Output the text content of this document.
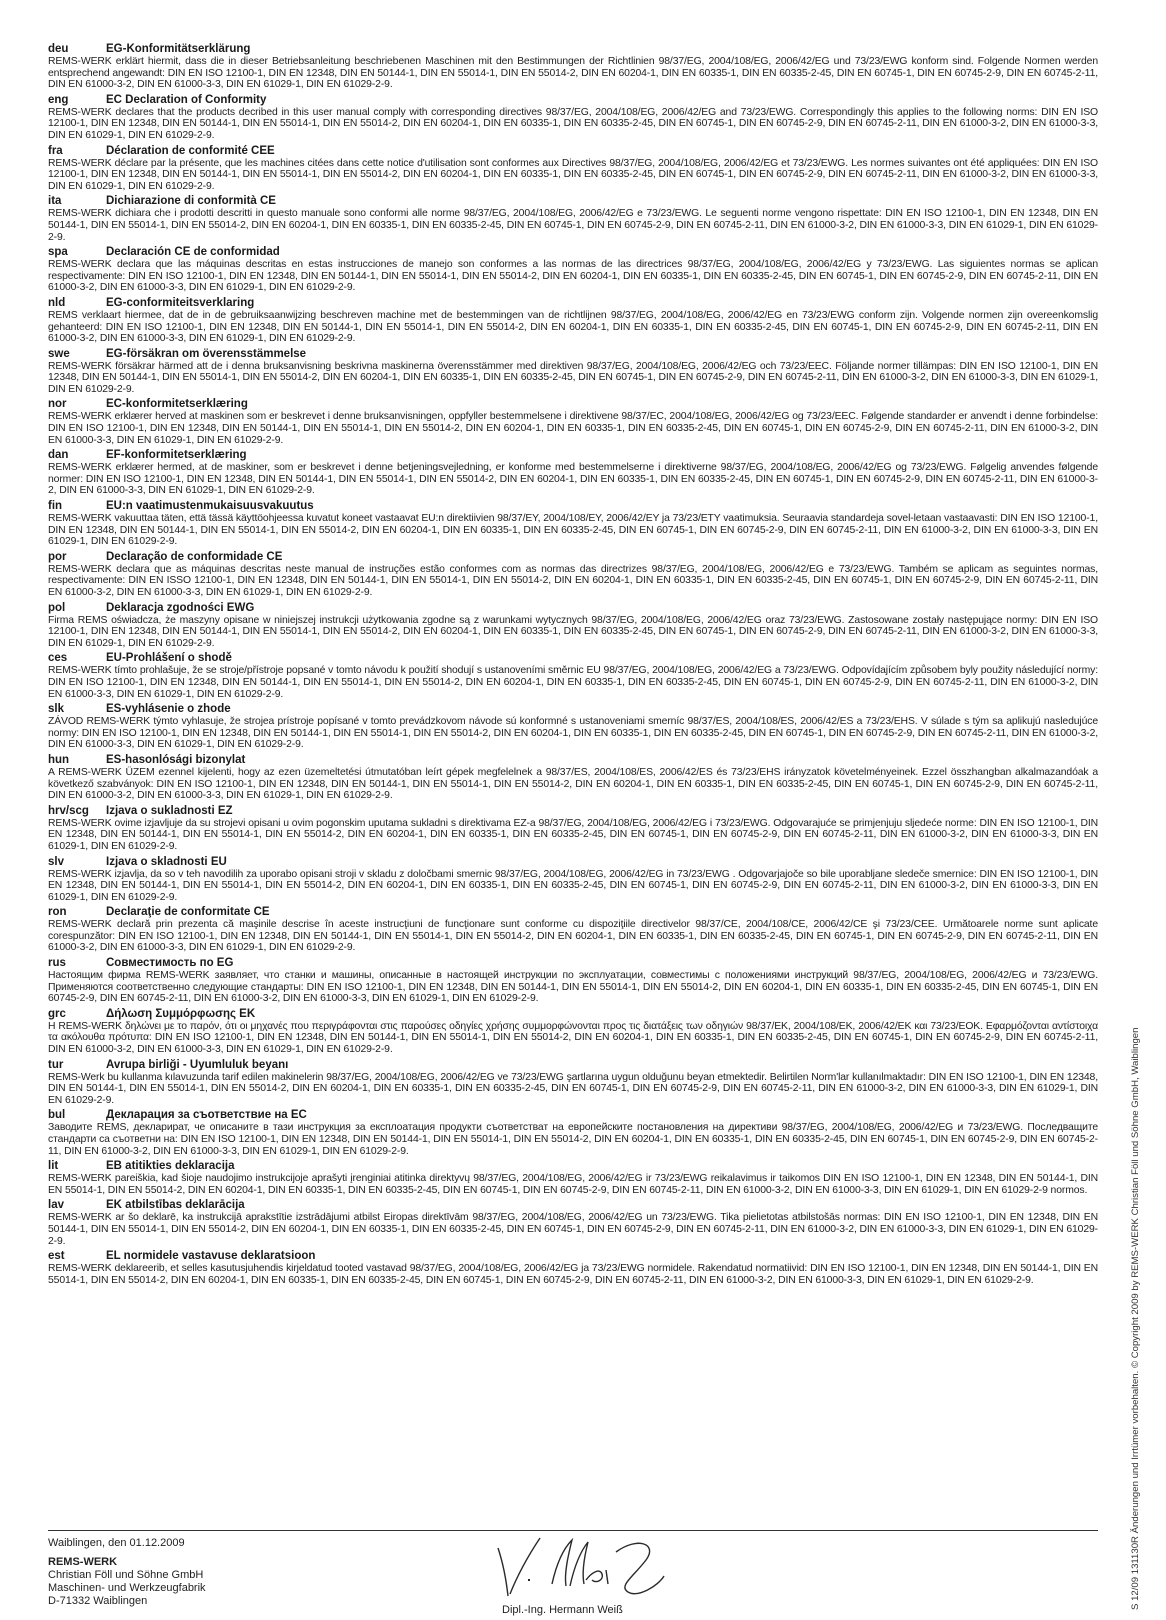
deu	EG-Konformitätserklärung
REMS-WERK erklärt hiermit, dass die in dieser Betriebsanleitung beschriebenen Maschinen mit den Bestimmungen der Richtlinien 98/37/EG, 2004/108/EG, 2006/42/EG und 73/23/EWG konform sind. Folgende Normen werden entsprechend angewandt: DIN EN ISO 12100-1, DIN EN 12348, DIN EN 50144-1, DIN EN 55014-1, DIN EN 55014-2, DIN EN 60204-1, DIN EN 60335-1, DIN EN 60335-2-45, DIN EN 60745-1, DIN EN 60745-2-9, DIN EN 60745-2-11, DIN EN 61000-3-2, DIN EN 61000-3-3, DIN EN 61029-1, DIN EN 61029-2-9.
eng	EC Declaration of Conformity
REMS-WERK declares that the products decribed in this user manual comply with corresponding directives 98/37/EG, 2004/108/EG, 2006/42/EG and 73/23/EWG. Correspondingly this applies to the following norms: DIN EN ISO 12100-1, DIN EN 12348, DIN EN 50144-1, DIN EN 55014-1, DIN EN 55014-2, DIN EN 60204-1, DIN EN 60335-1, DIN EN 60335-2-45, DIN EN 60745-1, DIN EN 60745-2-9, DIN EN 60745-2-11, DIN EN 61000-3-2, DIN EN 61000-3-3, DIN EN 61029-1, DIN EN 61029-2-9.
fra	Déclaration de conformité CEE
REMS-WERK déclare par la présente, que les machines citées dans cette notice d'utilisation sont conformes aux Directives 98/37/EG, 2004/108/EG, 2006/42/EG et 73/23/EWG. Les normes suivantes ont été appliquées: DIN EN ISO 12100-1, DIN EN 12348, DIN EN 50144-1, DIN EN 55014-1, DIN EN 55014-2, DIN EN 60204-1, DIN EN 60335-1, DIN EN 60335-2-45, DIN EN 60745-1, DIN EN 60745-2-9, DIN EN 60745-2-11, DIN EN 61000-3-2, DIN EN 61000-3-3, DIN EN 61029-1, DIN EN 61029-2-9.
ita	Dichiarazione di conformità CE
REMS-WERK dichiara che i prodotti descritti in questo manuale sono conformi alle norme 98/37/EG, 2004/108/EG, 2006/42/EG e 73/23/EWG. Le seguenti norme vengono rispettate: DIN EN ISO 12100-1, DIN EN 12348, DIN EN 50144-1, DIN EN 55014-1, DIN EN 55014-2, DIN EN 60204-1, DIN EN 60335-1, DIN EN 60335-2-45, DIN EN 60745-1, DIN EN 60745-2-9, DIN EN 60745-2-11, DIN EN 61000-3-2, DIN EN 61000-3-3, DIN EN 61029-1, DIN EN 61029-2-9.
spa	Declaración CE de conformidad
REMS-WERK declara que las máquinas descritas en estas instrucciones de manejo son conformes a las normas de las directrices 98/37/EG, 2004/108/EG, 2006/42/EG y 73/23/EWG. Las siguientes normas se aplican respectivamente: DIN EN ISO 12100-1, DIN EN 12348, DIN EN 50144-1, DIN EN 55014-1, DIN EN 55014-2, DIN EN 60204-1, DIN EN 60335-1, DIN EN 60335-2-45, DIN EN 60745-1, DIN EN 60745-2-9, DIN EN 60745-2-11, DIN EN 61000-3-2, DIN EN 61000-3-3, DIN EN 61029-1, DIN EN 61029-2-9.
nld	EG-conformiteitsverklaring
REMS verklaart hiermee, dat de in de gebruiksaanwijzing beschreven machine met de bestemmingen van de richtlijnen 98/37/EG, 2004/108/EG, 2006/42/EG en 73/23/EWG conform zijn. Volgende normen zijn overeenkomslig gehanteerd: DIN EN ISO 12100-1, DIN EN 12348, DIN EN 50144-1, DIN EN 55014-1, DIN EN 55014-2, DIN EN 60204-1, DIN EN 60335-1, DIN EN 60335-2-45, DIN EN 60745-1, DIN EN 60745-2-9, DIN EN 60745-2-11, DIN EN 61000-3-2, DIN EN 61000-3-3, DIN EN 61029-1, DIN EN 61029-2-9.
swe	EG-försäkran om överensstämmelse
REMS-WERK försäkrar härmed att de i denna bruksanvisning beskrivna maskinerna överensstämmer med direktiven 98/37/EG, 2004/108/EG, 2006/42/EG och 73/23/EEC. Följande normer tillämpas: DIN EN ISO 12100-1, DIN EN 12348, DIN EN 50144-1, DIN EN 55014-1, DIN EN 55014-2, DIN EN 60204-1, DIN EN 60335-1, DIN EN 60335-2-45, DIN EN 60745-1, DIN EN 60745-2-9, DIN EN 60745-2-11, DIN EN 61000-3-2, DIN EN 61000-3-3, DIN EN 61029-1, DIN EN 61029-2-9.
nor	EC-konformitetserklæring
REMS-WERK erklærer herved at maskinen som er beskrevet i denne bruksanvisningen, oppfyller bestemmelsene i direktivene 98/37/EC, 2004/108/EG, 2006/42/EG og 73/23/EEC. Følgende standarder er anvendt i denne forbindelse: DIN EN ISO 12100-1, DIN EN 12348, DIN EN 50144-1, DIN EN 55014-1, DIN EN 55014-2, DIN EN 60204-1, DIN EN 60335-1, DIN EN 60335-2-45, DIN EN 60745-1, DIN EN 60745-2-9, DIN EN 60745-2-11, DIN EN 61000-3-2, DIN EN 61000-3-3, DIN EN 61029-1, DIN EN 61029-2-9.
dan	EF-konformitetserklæring
REMS-WERK erklærer hermed, at de maskiner, som er beskrevet i denne betjeningsvejledning, er konforme med bestemmelserne i direktiverne 98/37/EG, 2004/108/EG, 2006/42/EG og 73/23/EWG. Følgelig anvendes følgende normer: DIN EN ISO 12100-1, DIN EN 12348, DIN EN 50144-1, DIN EN 55014-1, DIN EN 55014-2, DIN EN 60204-1, DIN EN 60335-1, DIN EN 60335-2-45, DIN EN 60745-1, DIN EN 60745-2-9, DIN EN 60745-2-11, DIN EN 61000-3-2, DIN EN 61000-3-3, DIN EN 61029-1, DIN EN 61029-2-9.
fin	EU:n vaatimustenmukaisuusvakuutus
REMS-WERK vakuuttaa täten, että tässä käyttöohjeessa kuvatut koneet vastaavat EU:n direktiivien 98/37/EY, 2004/108/EY, 2006/42/EY ja 73/23/ETY vaatimuksia. Seuraavia standardeja sovel-letaan vastaavasti: DIN EN ISO 12100-1, DIN EN 12348, DIN EN 50144-1, DIN EN 55014-1, DIN EN 55014-2, DIN EN 60204-1, DIN EN 60335-1, DIN EN 60335-2-45, DIN EN 60745-1, DIN EN 60745-2-9, DIN EN 60745-2-11, DIN EN 61000-3-2, DIN EN 61000-3-3, DIN EN 61029-1, DIN EN 61029-2-9.
por	Declaração de conformidade CE
REMS-WERK declara que as máquinas descritas neste manual de instruções estão conformes com as normas das directrizes 98/37/EG, 2004/108/EG, 2006/42/EG e 73/23/EWG. Também se aplicam as seguintes normas, respectivamente: DIN EN ISSO 12100-1, DIN EN 12348, DIN EN 50144-1, DIN EN 55014-1, DIN EN 55014-2, DIN EN 60204-1, DIN EN 60335-1, DIN EN 60335-2-45, DIN EN 60745-1, DIN EN 60745-2-9, DIN EN 60745-2-11, DIN EN 61000-3-2, DIN EN 61000-3-3, DIN EN 61029-1, DIN EN 61029-2-9.
pol	Deklaracja zgodności EWG
Firma REMS oświadcza, że maszyny opisane w niniejszej instrukcji użytkowania zgodne są z warunkami wytycznych 98/37/EG, 2004/108/EG, 2006/42/EG oraz 73/23/EWG. Zastosowane zostały następujące normy: DIN EN ISO 12100-1, DIN EN 12348, DIN EN 50144-1, DIN EN 55014-1, DIN EN 55014-2, DIN EN 60204-1, DIN EN 60335-1, DIN EN 60335-2-45, DIN EN 60745-1, DIN EN 60745-2-9, DIN EN 60745-2-11, DIN EN 61000-3-2, DIN EN 61000-3-3, DIN EN 61029-1, DIN EN 61029-2-9.
ces	EU-Prohlášení o shodě
REMS-WERK tímto prohlašuje, že se stroje/přístroje popsané v tomto návodu k použití shodují s ustanoveními směrnic EU 98/37/EG, 2004/108/EG, 2006/42/EG a 73/23/EWG. Odpovídajícím způsobem byly použity následující normy: DIN EN ISO 12100-1, DIN EN 12348, DIN EN 50144-1, DIN EN 55014-1, DIN EN 55014-2, DIN EN 60204-1, DIN EN 60335-1, DIN EN 60335-2-45, DIN EN 60745-1, DIN EN 60745-2-9, DIN EN 60745-2-11, DIN EN 61000-3-2, DIN EN 61000-3-3, DIN EN 61029-1, DIN EN 61029-2-9.
slk	ES-vyhlásenie o zhode
ZÁVOD REMS-WERK týmto vyhlasuje, že strojea prístroje popísané v tomto prevádzkovom návode sú konformné s ustanoveniami smerníc 98/37/ES, 2004/108/ES, 2006/42/ES a 73/23/EHS. V súlade s tým sa aplikujú nasledujúce normy: DIN EN ISO 12100-1, DIN EN 12348, DIN EN 50144-1, DIN EN 55014-1, DIN EN 55014-2, DIN EN 60204-1, DIN EN 60335-1, DIN EN 60335-2-45, DIN EN 60745-1, DIN EN 60745-2-9, DIN EN 60745-2-11, DIN EN 61000-3-2, DIN EN 61000-3-3, DIN EN 61029-1, DIN EN 61029-2-9.
hun	ES-hasonlósági bizonylat
A REMS-WERK ÜZEM ezennel kijelenti, hogy az ezen üzemeltetési útmutatóban leírt gépek megfelelnek a 98/37/ES, 2004/108/ES, 2006/42/ES és 73/23/EHS irányzatok követelményeinek. Ezzel összhangban alkalmazandóak a következő szabványok: DIN EN ISO 12100-1, DIN EN 12348, DIN EN 50144-1, DIN EN 55014-1, DIN EN 55014-2, DIN EN 60204-1, DIN EN 60335-1, DIN EN 60335-2-45, DIN EN 60745-1, DIN EN 60745-2-9, DIN EN 60745-2-11, DIN EN 61000-3-2, DIN EN 61000-3-3, DIN EN 61029-1, DIN EN 61029-2-9.
hrv/scg Izjava o sukladnosti EZ
REMS-WERK ovime izjavljuje da su strojevi opisani u ovim pogonskim uputama sukladni s direktivama EZ-a 98/37/EG, 2004/108/EG, 2006/42/EG i 73/23/EWG. Odgovarajuće se primjenjuju sljedeće norme: DIN EN ISO 12100-1, DIN EN 12348, DIN EN 50144-1, DIN EN 55014-1, DIN EN 55014-2, DIN EN 60204-1, DIN EN 60335-1, DIN EN 60335-2-45, DIN EN 60745-1, DIN EN 60745-2-9, DIN EN 60745-2-11, DIN EN 61000-3-2, DIN EN 61000-3-3, DIN EN 61029-1, DIN EN 61029-2-9.
slv	Izjava o skladnosti EU
REMS-WERK izjavlja, da so v teh navodilih za uporabo opisani stroji v skladu z določbami smernic 98/37/EG, 2004/108/EG, 2006/42/EG in 73/23/EWG . Odgovarjajoče so bile uporabljane sledeče smernice: DIN EN ISO 12100-1, DIN EN 12348, DIN EN 50144-1, DIN EN 55014-1, DIN EN 55014-2, DIN EN 60204-1, DIN EN 60335-1, DIN EN 60335-2-45, DIN EN 60745-1, DIN EN 60745-2-9, DIN EN 60745-2-11, DIN EN 61000-3-2, DIN EN 61000-3-3, DIN EN 61029-1, DIN EN 61029-2-9.
ron	Declaraţie de conformitate CE
REMS-WERK declară prin prezenta că maşinile descrise în aceste instrucţiuni de funcţionare sunt conforme cu dispoziţiile directivelor 98/37/CE, 2004/108/CE, 2006/42/CE şi 73/23/CEE. Următoarele norme sunt aplicate corespunzător: DIN EN ISO 12100-1, DIN EN 12348, DIN EN 50144-1, DIN EN 55014-1, DIN EN 55014-2, DIN EN 60204-1, DIN EN 60335-1, DIN EN 60335-2-45, DIN EN 60745-1, DIN EN 60745-2-9, DIN EN 60745-2-11, DIN EN 61000-3-2, DIN EN 61000-3-3, DIN EN 61029-1, DIN EN 61029-2-9.
rus	Совместимость по EG
Настоящим фирма REMS-WERK заявляет, что станки и машины, описанные в настоящей инструкции по эксплуатации, совместимы с положениями инструкций 98/37/EG, 2004/108/EG, 2006/42/EG и 73/23/EWG. Применяются соответственно следующие стандарты: DIN EN ISO 12100-1, DIN EN 12348, DIN EN 50144-1, DIN EN 55014-1, DIN EN 55014-2, DIN EN 60204-1, DIN EN 60335-1, DIN EN 60335-2-45, DIN EN 60745-1, DIN EN 60745-2-9, DIN EN 60745-2-11, DIN EN 61000-3-2, DIN EN 61000-3-3, DIN EN 61029-1, DIN EN 61029-2-9.
grc	Δήλωση Συμμόρφωσης ΕΚ
Η REMS-WERK δηλώνει με το παρόν, ότι οι μηχανές που περιγράφονται στις παρούσες οδηγίες χρήσης συμμορφώνονται προς τις διατάξεις των οδηγιών 98/37/EK, 2004/108/EK, 2006/42/EK και 73/23/ΕΟΚ. Εφαρμόζονται αντίστοιχα τα ακόλουθα πρότυπα: DIN EN ISO 12100-1, DIN EN 12348, DIN EN 50144-1, DIN EN 55014-1, DIN EN 55014-2, DIN EN 60204-1, DIN EN 60335-1, DIN EN 60335-2-45, DIN EN 60745-1, DIN EN 60745-2-9, DIN EN 60745-2-11, DIN EN 61000-3-2, DIN EN 61000-3-3, DIN EN 61029-1, DIN EN 61029-2-9.
tur	Avrupa birliği - Uyumluluk beyanı
REMS-Werk bu kullanma kılavuzunda tarif edilen makinelerin 98/37/EG, 2004/108/EG, 2006/42/EG ve 73/23/EWG şartlarına uygun olduğunu beyan etmektedir. Belirtilen Norm'lar kullanılmaktadır: DIN EN ISO 12100-1, DIN EN 12348, DIN EN 50144-1, DIN EN 55014-1, DIN EN 55014-2, DIN EN 60204-1, DIN EN 60335-1, DIN EN 60335-2-45, DIN EN 60745-1, DIN EN 60745-2-9, DIN EN 60745-2-11, DIN EN 61000-3-2, DIN EN 61000-3-3, DIN EN 61029-1, DIN EN 61029-2-9.
bul	Декларация за съответствие на ЕС
Заводите REMS, декларират, че описаните в тази инструкция за експлоатация продукти съответстват на европейските постановления на директиви 98/37/EG, 2004/108/EG, 2006/42/EG и 73/23/EWG. Последващите стандарти са съответни на: DIN EN ISO 12100-1, DIN EN 12348, DIN EN 50144-1, DIN EN 55014-1, DIN EN 55014-2, DIN EN 60204-1, DIN EN 60335-1, DIN EN 60335-2-45, DIN EN 60745-1, DIN EN 60745-2-9, DIN EN 60745-2-11, DIN EN 61000-3-2, DIN EN 61000-3-3, DIN EN 61029-1, DIN EN 61029-2-9.
lit	EB atitikties deklaracija
REMS-WERK pareiškia, kad šioje naudojimo instrukcijoje aprašyti įrenginiai atitinka direktyvų 98/37/EG, 2004/108/EG, 2006/42/EG ir 73/23/EWG reikalavimus ir taikomos DIN EN ISO 12100-1, DIN EN 12348, DIN EN 50144-1, DIN EN 55014-1, DIN EN 55014-2, DIN EN 60204-1, DIN EN 60335-1, DIN EN 60335-2-45, DIN EN 60745-1, DIN EN 60745-2-9, DIN EN 60745-2-11, DIN EN 61000-3-2, DIN EN 61000-3-3, DIN EN 61029-1, DIN EN 61029-2-9 normos.
lav	EK atbilstības deklarācija
REMS-WERK ar šo deklarē, ka instrukcijā aprakstītie izstrādājumi atbilst Eiropas direktīvām 98/37/EG, 2004/108/EG, 2006/42/EG un 73/23/EWG. Tika pielietotas atbilstošās normas: DIN EN ISO 12100-1, DIN EN 12348, DIN EN 50144-1, DIN EN 55014-1, DIN EN 55014-2, DIN EN 60204-1, DIN EN 60335-1, DIN EN 60335-2-45, DIN EN 60745-1, DIN EN 60745-2-9, DIN EN 60745-2-11, DIN EN 61000-3-2, DIN EN 61000-3-3, DIN EN 61029-1, DIN EN 61029-2-9.
est	EL normidele vastavuse deklaratsioon
REMS-WERK deklareerib, et selles kasutusjuhendis kirjeldatud tooted vastavad 98/37/EG, 2004/108/EG, 2006/42/EG ja 73/23/EWG normidele. Rakendatud normatiivid: DIN EN ISO 12100-1, DIN EN 12348, DIN EN 50144-1, DIN EN 55014-1, DIN EN 55014-2, DIN EN 60204-1, DIN EN 60335-1, DIN EN 60335-2-45, DIN EN 60745-1, DIN EN 60745-2-9, DIN EN 60745-2-11, DIN EN 61000-3-2, DIN EN 61000-3-3, DIN EN 61029-1, DIN EN 61029-2-9.
Waiblingen, den 01.12.2009
REMS-WERK
Christian Föll und Söhne GmbH
Maschinen- und Werkzeugfabrik
D-71332 Waiblingen
Dipl.-Ing. Hermann Weiß	S 12/09 131130R Änderungen und Irrtümer vorbehalten. © Copyright 2009 by REMS-WERK Christian Föll und Söhne GmbH, Waiblingen
